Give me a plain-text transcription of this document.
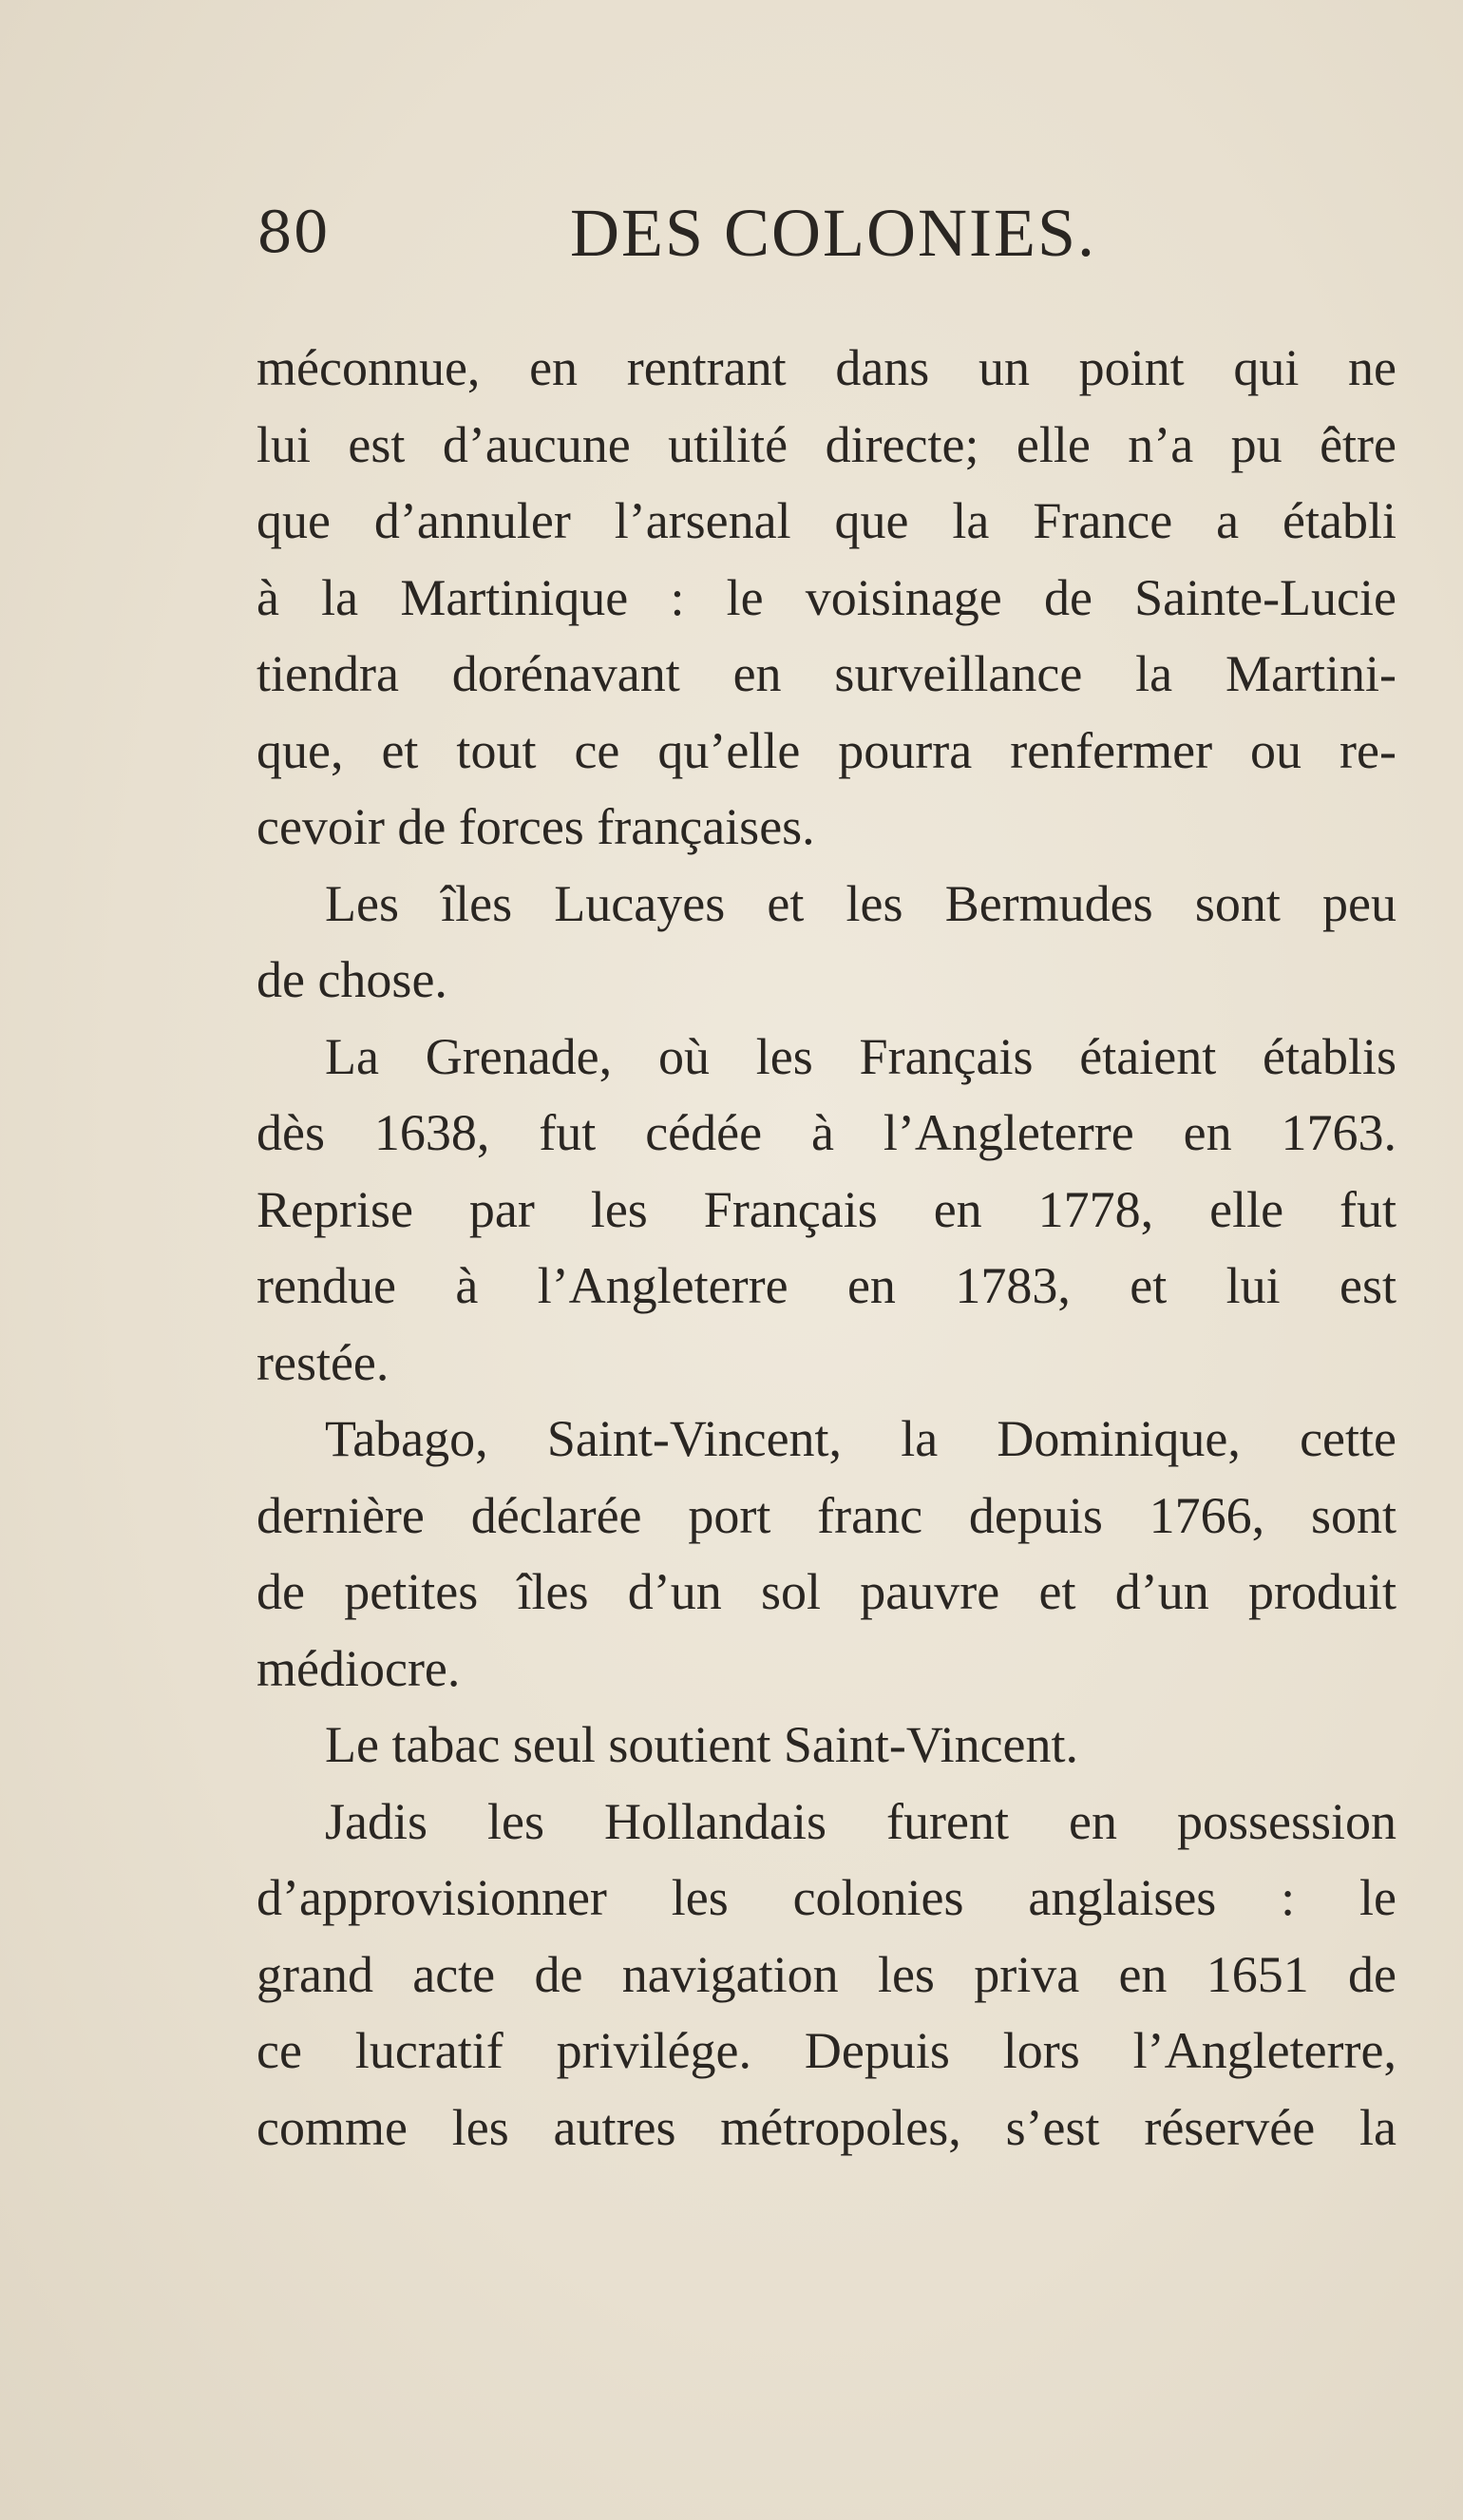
80	DES COLONIES.
méconnue, en rentrant dans un point qui ne
lui est d’aucune utilité directe; elle n’a pu être
que d’annuler l’arsenal que la France a établi
à la Martinique : le voisinage de Sainte-Lucie
tiendra dorénavant en surveillance la Martini-
que, et tout ce qu’elle pourra renfermer ou re-
cevoir de forces françaises.
Les îles Lucayes et les Bermudes sont peu
de chose.
La Grenade, où les Français étaient établis
dès 1638, fut cédée à l’Angleterre en 1763.
Reprise par les Français en 1778, elle fut
rendue à l’Angleterre en 1783, et lui est
restée.
Tabago, Saint-Vincent, la Dominique, cette
dernière déclarée port franc depuis 1766, sont
de petites îles d’un sol pauvre et d’un produit
médiocre.
Le tabac seul soutient Saint-Vincent.
Jadis les Hollandais furent en possession
d’approvisionner les colonies anglaises : le
grand acte de navigation les priva en 1651 de
ce lucratif privilége. Depuis lors l’Angleterre,
comme les autres métropoles, s’est réservée la
